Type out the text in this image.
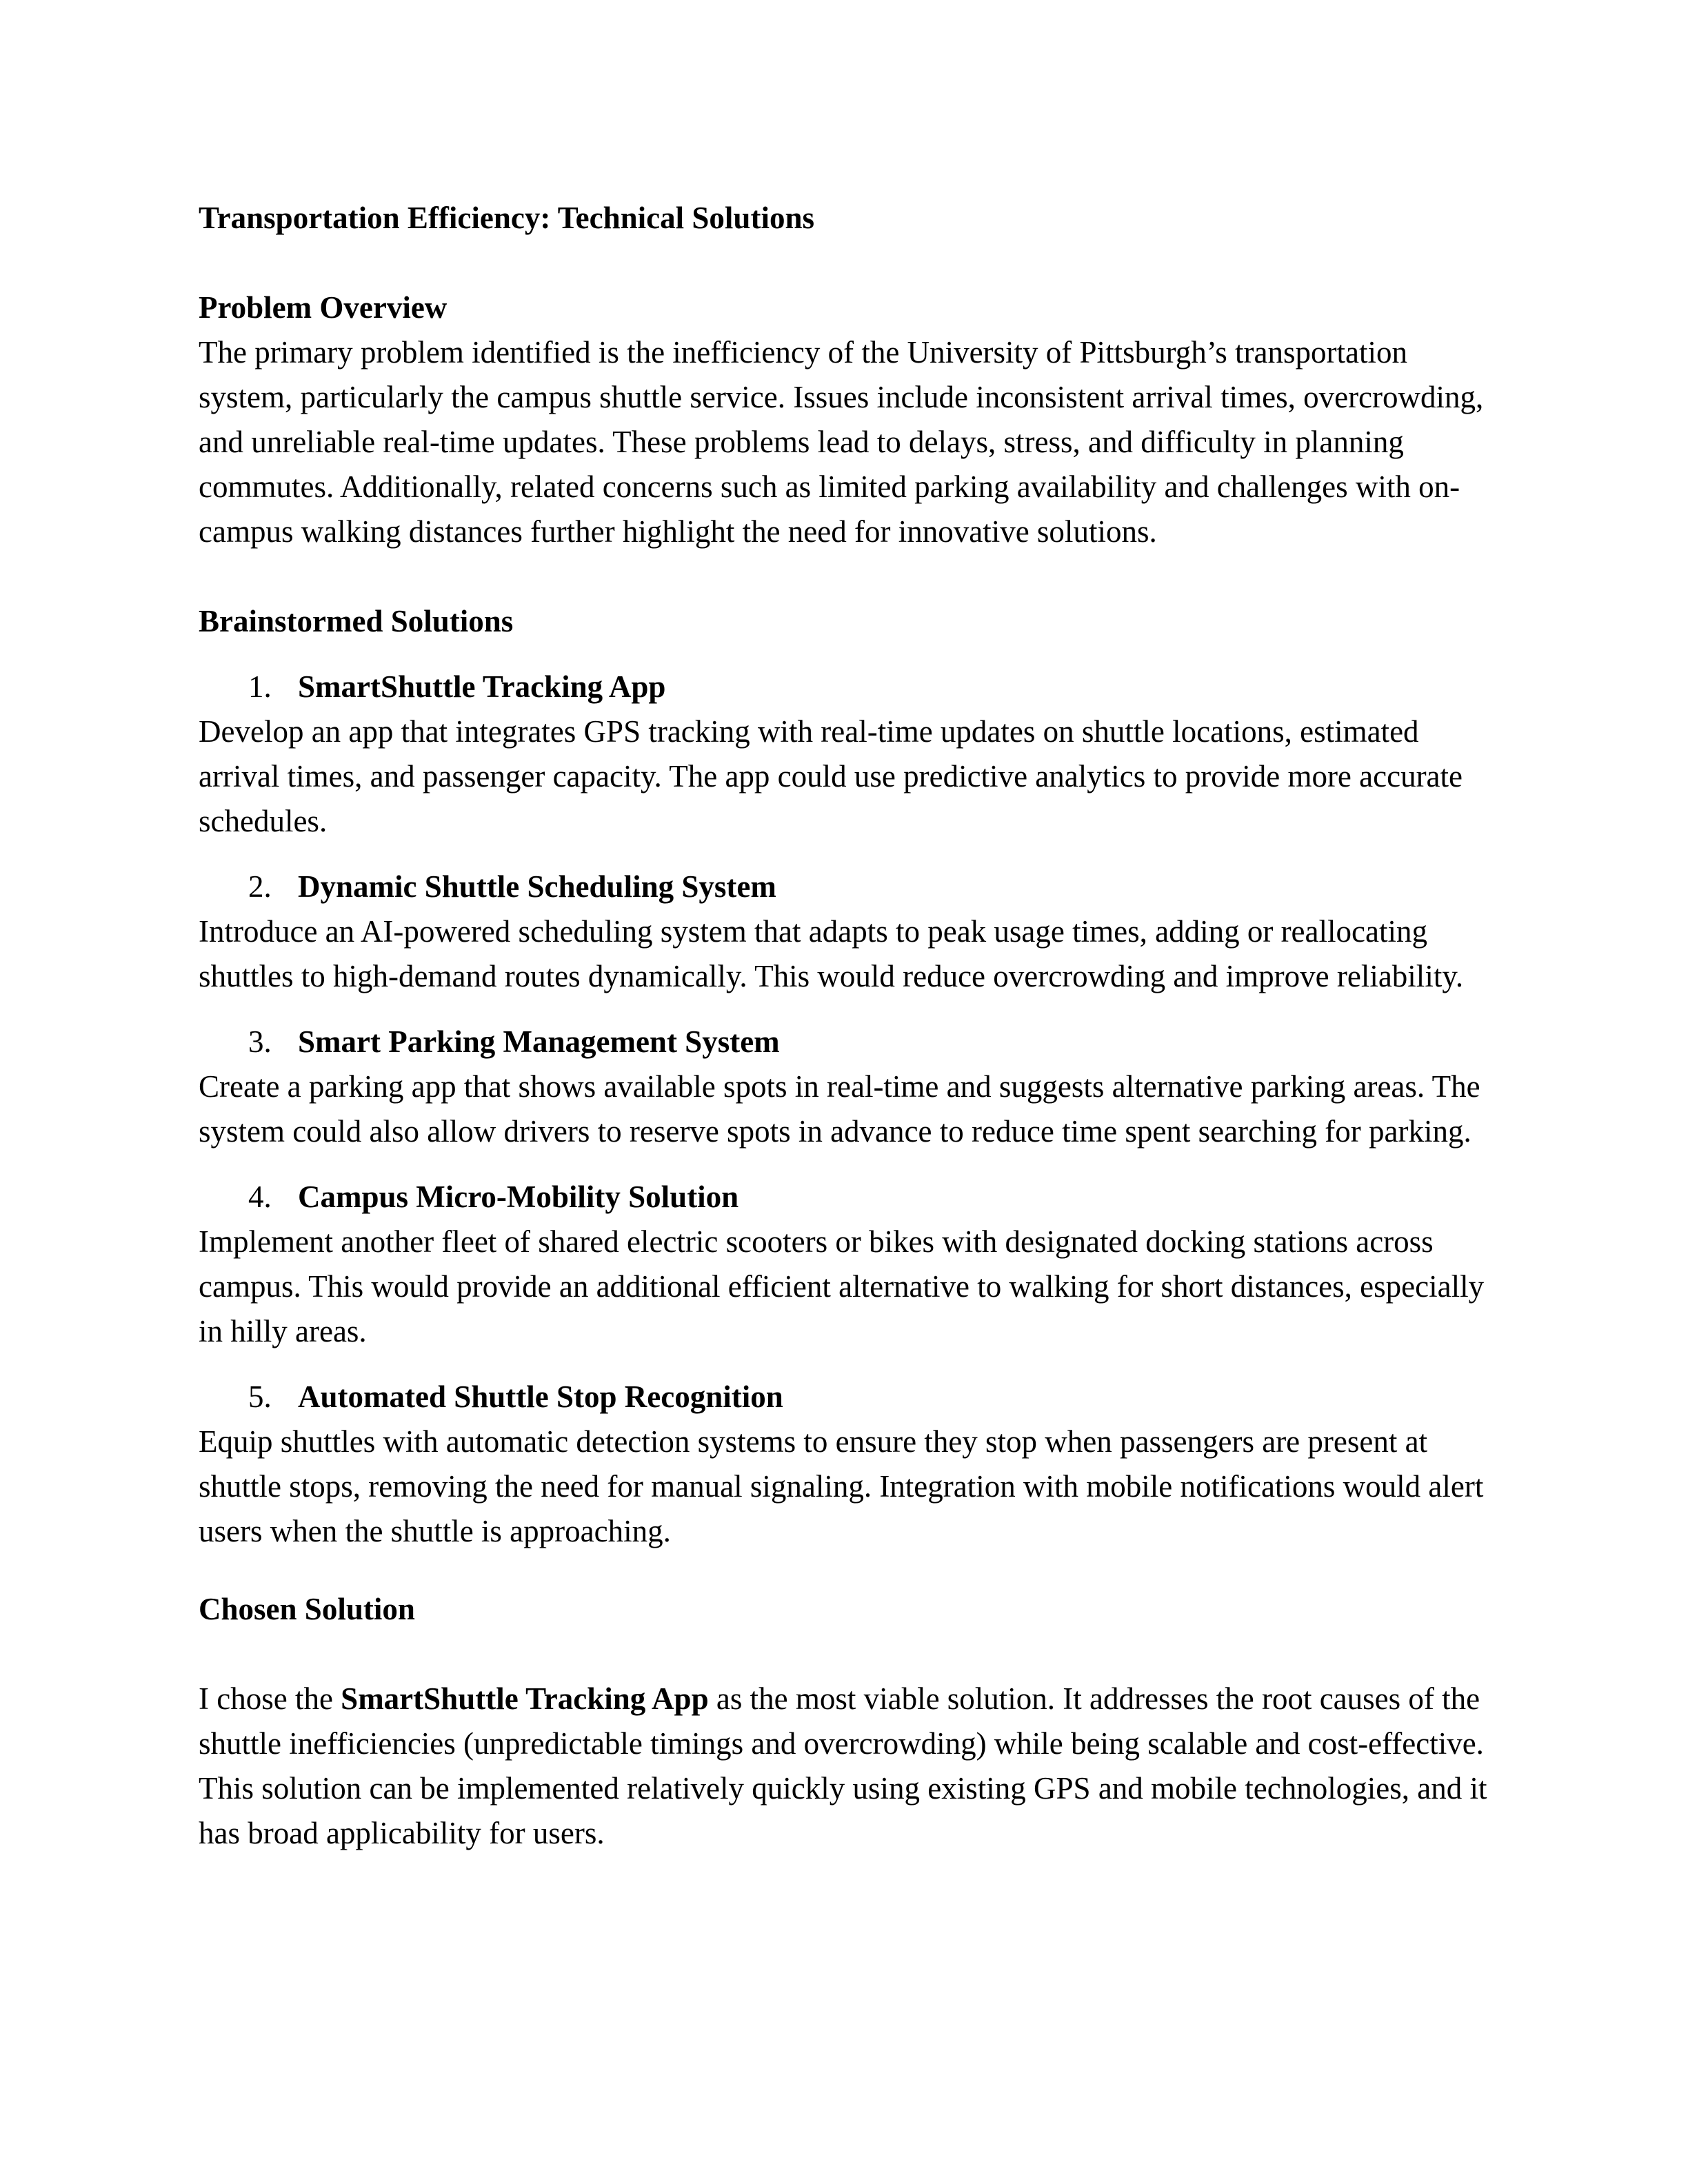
Transportation Efficiency: Technical Solutions

Problem Overview

The primary problem identified is the inefficiency of the University of Pittsburgh’s transportation system, particularly the campus shuttle service. Issues include inconsistent arrival times, overcrowding, and unreliable real-time updates. These problems lead to delays, stress, and difficulty in planning commutes. Additionally, related concerns such as limited parking availability and challenges with on-campus walking distances further highlight the need for innovative solutions.

Brainstormed Solutions

1. SmartShuttle Tracking App

Develop an app that integrates GPS tracking with real-time updates on shuttle locations, estimated arrival times, and passenger capacity. The app could use predictive analytics to provide more accurate schedules.

2. Dynamic Shuttle Scheduling System

Introduce an AI-powered scheduling system that adapts to peak usage times, adding or reallocating shuttles to high-demand routes dynamically. This would reduce overcrowding and improve reliability.

3. Smart Parking Management System

Create a parking app that shows available spots in real-time and suggests alternative parking areas. The system could also allow drivers to reserve spots in advance to reduce time spent searching for parking.

4. Campus Micro-Mobility Solution

Implement another fleet of shared electric scooters or bikes with designated docking stations across campus. This would provide an additional efficient alternative to walking for short distances, especially in hilly areas.

5. Automated Shuttle Stop Recognition

Equip shuttles with automatic detection systems to ensure they stop when passengers are present at shuttle stops, removing the need for manual signaling. Integration with mobile notifications would alert users when the shuttle is approaching.

Chosen Solution

I chose the SmartShuttle Tracking App as the most viable solution. It addresses the root causes of the shuttle inefficiencies (unpredictable timings and overcrowding) while being scalable and cost-effective. This solution can be implemented relatively quickly using existing GPS and mobile technologies, and it has broad applicability for users.
